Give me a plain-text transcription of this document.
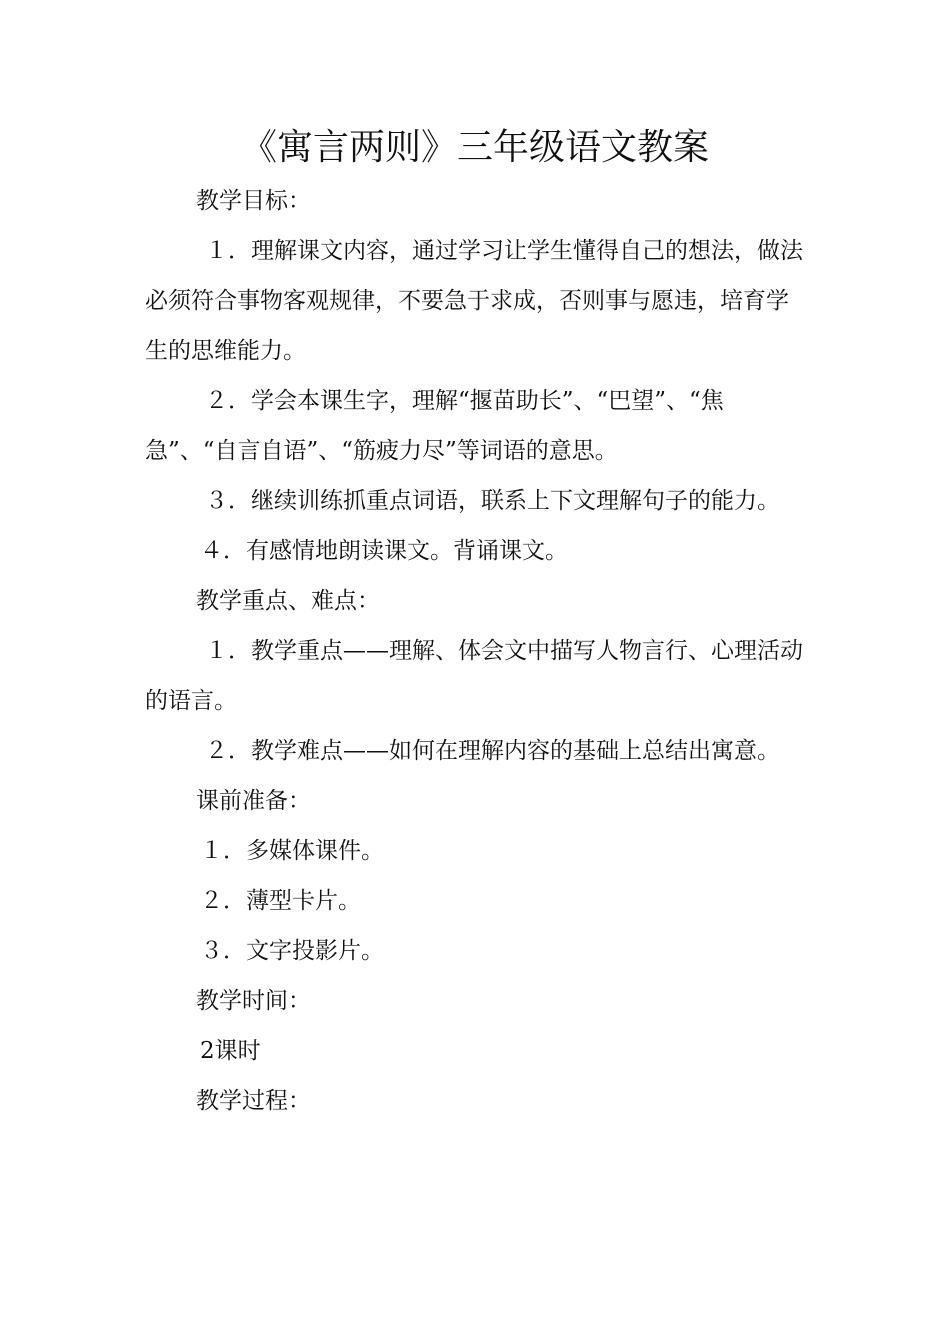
《寓言两则》三年级语文教案

教学目标：

１．理解课文内容，通过学习让学生懂得自己的想法，做法必须符合事物客观规律，不要急于求成，否则事与愿违，培育学生的思维能力。

２．学会本课生字，理解“揠苗助长”、“巴望”、“焦急”、“自言自语”、“筋疲力尽”等词语的意思。

３．继续训练抓重点词语，联系上下文理解句子的能力。

４．有感情地朗读课文。背诵课文。

教学重点、难点：

１．教学重点——理解、体会文中描写人物言行、心理活动的语言。

２．教学难点——如何在理解内容的基础上总结出寓意。

课前准备：

１．多媒体课件。

２．薄型卡片。

３．文字投影片。

教学时间：

2课时

教学过程：
